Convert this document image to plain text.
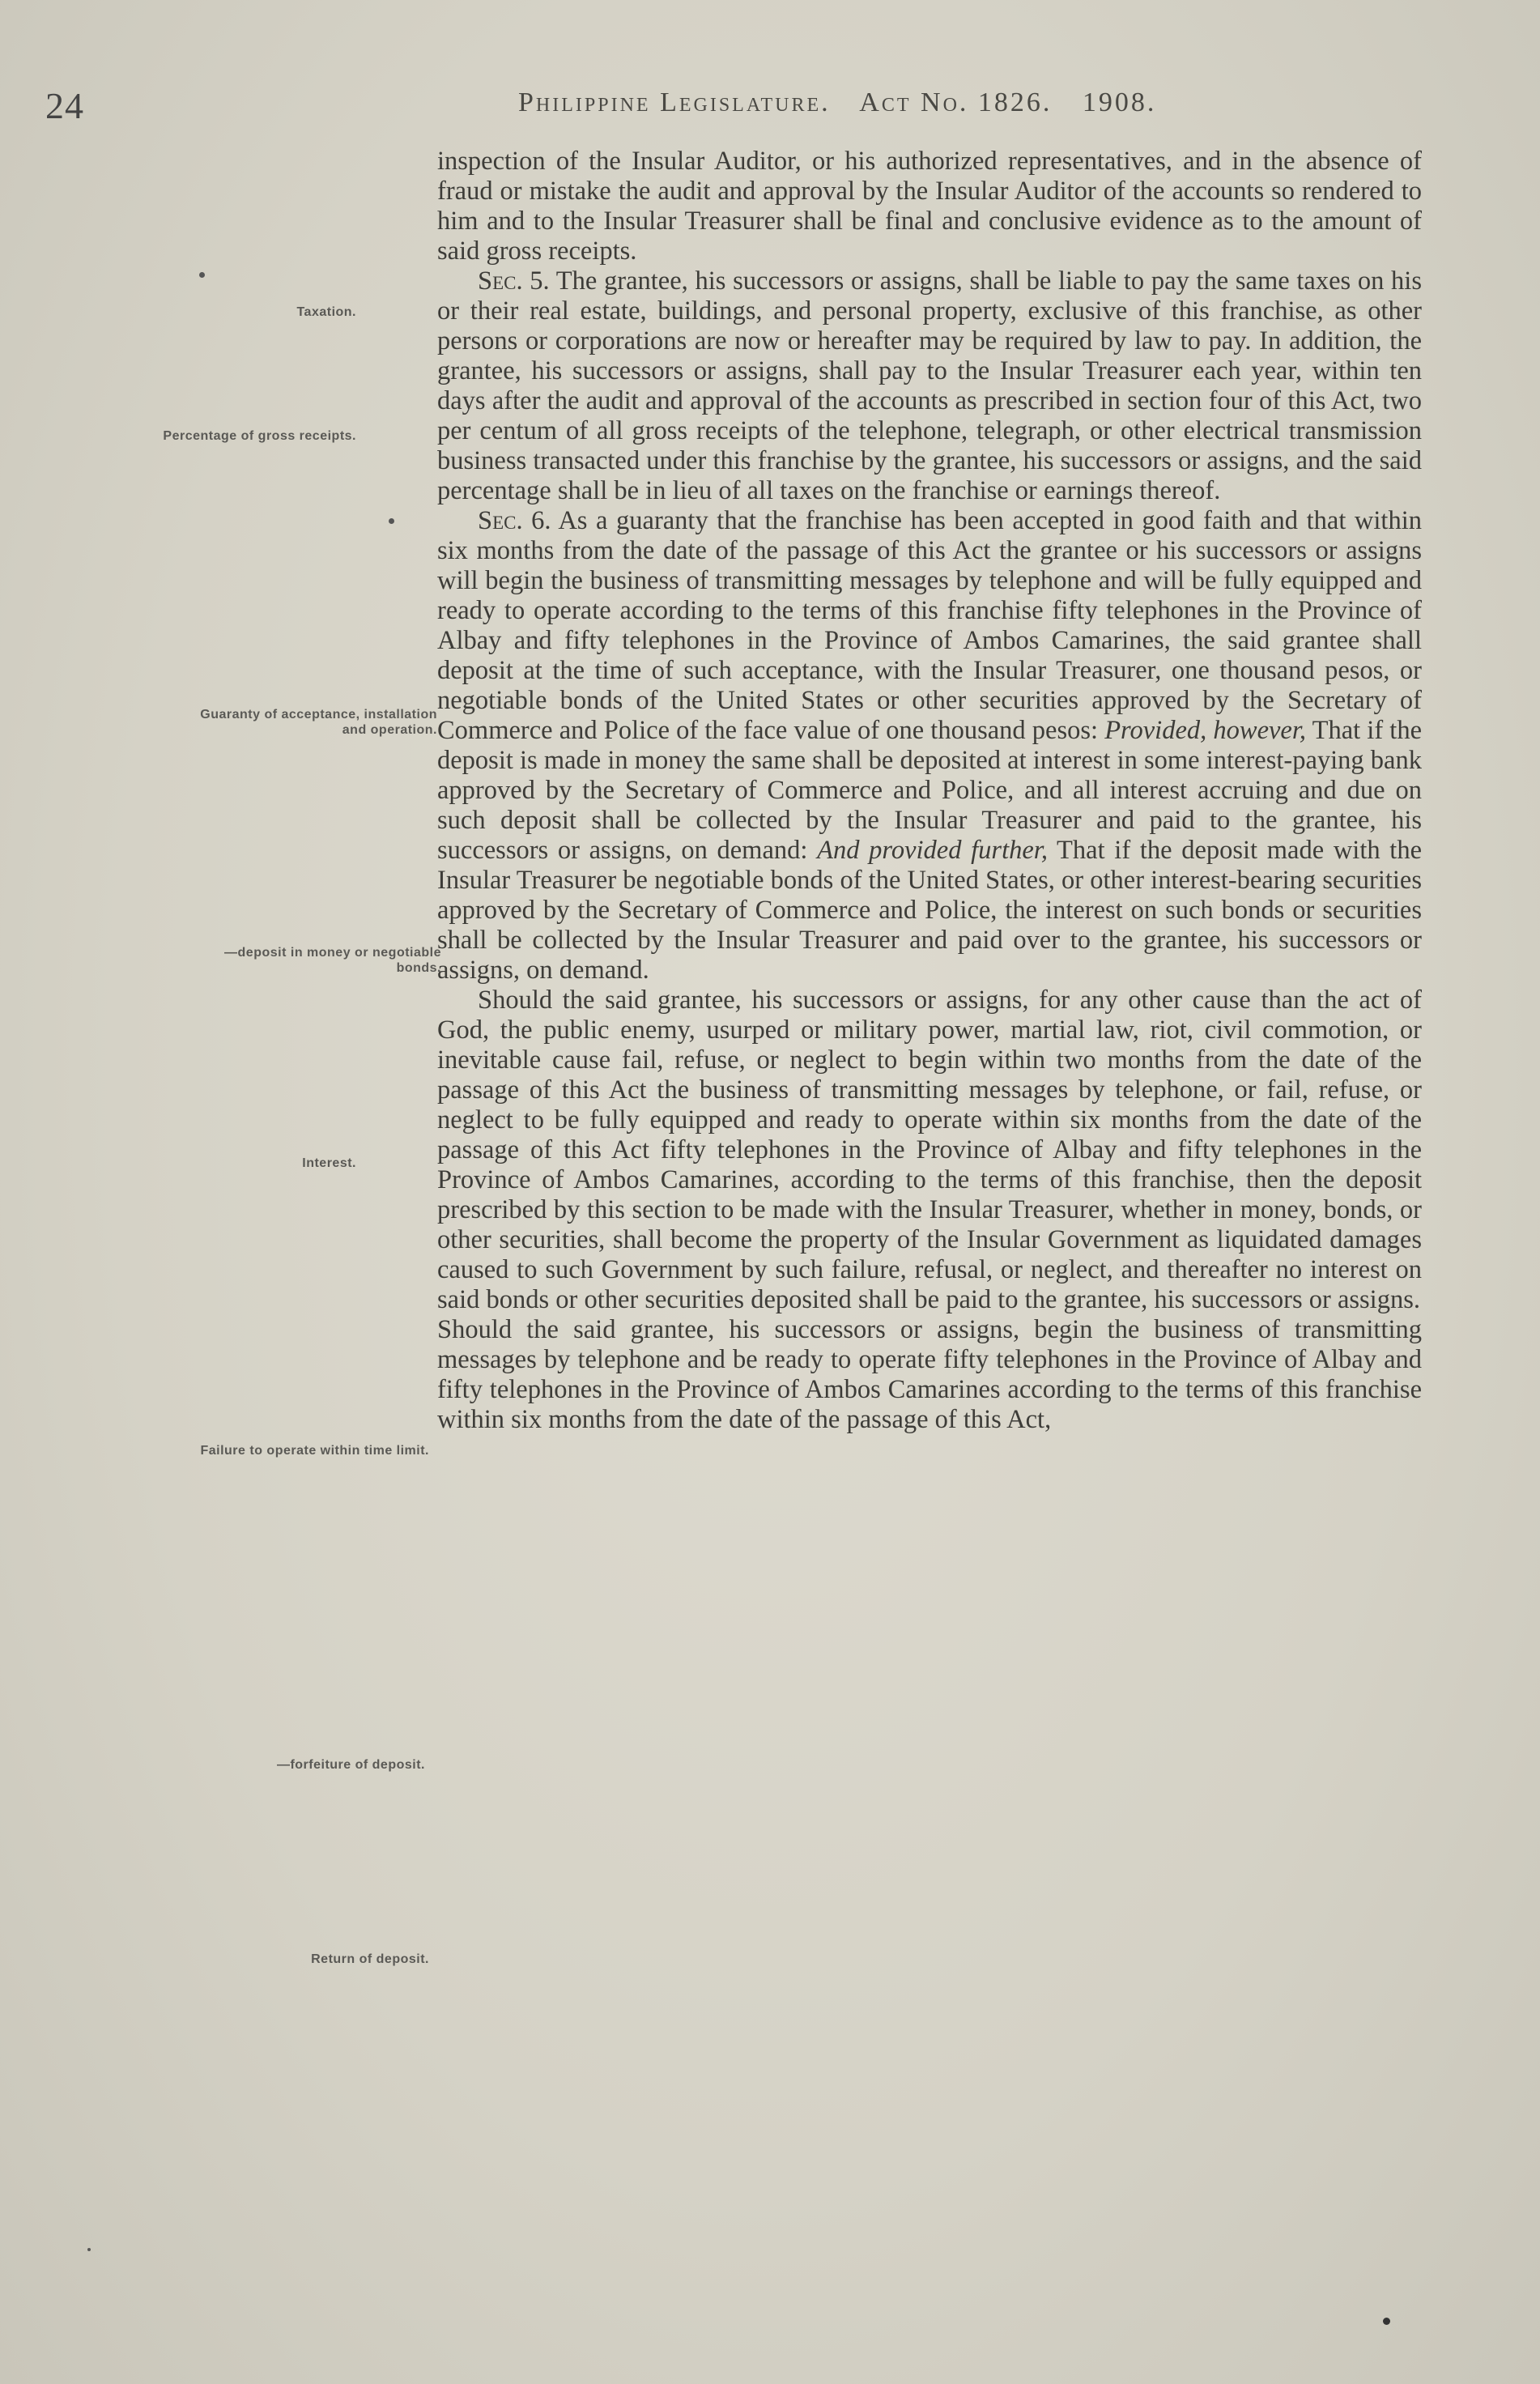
24	Philippine Legislature. Act No. 1826. 1908.
Taxation.
Percentage of gross receipts.
Guaranty of acceptance, installation and operation.
—deposit in money or negotiable bonds.
Interest.
Failure to operate within time limit.
—forfeiture of deposit.
Return of deposit.

inspection of the Insular Auditor, or his authorized representatives, and in the absence of fraud or mistake the audit and approval by the Insular Auditor of the accounts so rendered to him and to the Insular Treasurer shall be final and conclusive evidence as to the amount of said gross receipts.

Sec. 5. The grantee, his successors or assigns, shall be liable to pay the same taxes on his or their real estate, buildings, and personal property, exclusive of this franchise, as other persons or corporations are now or hereafter may be required by law to pay. In addition, the grantee, his successors or assigns, shall pay to the Insular Treasurer each year, within ten days after the audit and approval of the accounts as prescribed in section four of this Act, two per centum of all gross receipts of the telephone, telegraph, or other electrical transmission business transacted under this franchise by the grantee, his successors or assigns, and the said percentage shall be in lieu of all taxes on the franchise or earnings thereof.

Sec. 6. As a guaranty that the franchise has been accepted in good faith and that within six months from the date of the passage of this Act the grantee or his successors or assigns will begin the business of transmitting messages by telephone and will be fully equipped and ready to operate according to the terms of this franchise fifty telephones in the Province of Albay and fifty telephones in the Province of Ambos Camarines, the said grantee shall deposit at the time of such acceptance, with the Insular Treasurer, one thousand pesos, or negotiable bonds of the United States or other securities approved by the Secretary of Commerce and Police of the face value of one thousand pesos: Provided, however, That if the deposit is made in money the same shall be deposited at interest in some interest-paying bank approved by the Secretary of Commerce and Police, and all interest accruing and due on such deposit shall be collected by the Insular Treasurer and paid to the grantee, his successors or assigns, on demand: And provided further, That if the deposit made with the Insular Treasurer be negotiable bonds of the United States, or other interest-bearing securities approved by the Secretary of Commerce and Police, the interest on such bonds or securities shall be collected by the Insular Treasurer and paid over to the grantee, his successors or assigns, on demand.

Should the said grantee, his successors or assigns, for any other cause than the act of God, the public enemy, usurped or military power, martial law, riot, civil commotion, or inevitable cause fail, refuse, or neglect to begin within two months from the date of the passage of this Act the business of transmitting messages by telephone, or fail, refuse, or neglect to be fully equipped and ready to operate within six months from the date of the passage of this Act fifty telephones in the Province of Albay and fifty telephones in the Province of Ambos Camarines, according to the terms of this franchise, then the deposit prescribed by this section to be made with the Insular Treasurer, whether in money, bonds, or other securities, shall become the property of the Insular Government as liquidated damages caused to such Government by such failure, refusal, or neglect, and thereafter no interest on said bonds or other securities deposited shall be paid to the grantee, his successors or assigns.

Should the said grantee, his successors or assigns, begin the business of transmitting messages by telephone and be ready to operate fifty telephones in the Province of Albay and fifty telephones in the Province of Ambos Camarines according to the terms of this franchise within six months from the date of the passage of this Act,
